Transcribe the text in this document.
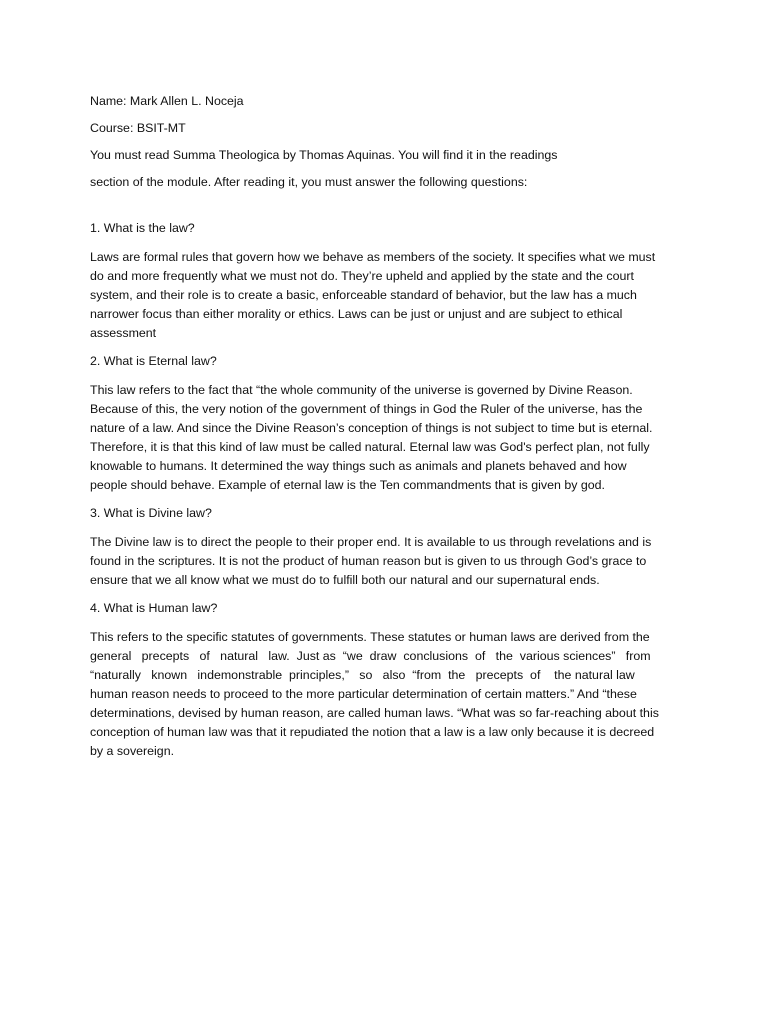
Name: Mark Allen L. Noceja
Course: BSIT-MT
You must read Summa Theologica by Thomas Aquinas. You will find it in the readings
section of the module. After reading it, you must answer the following questions:
1. What is the law?
Laws are formal rules that govern how we behave as members of the society. It specifies what we must
do and more frequently what we must not do. They’re upheld and applied by the state and the court
system, and their role is to create a basic, enforceable standard of behavior, but the law has a much
narrower focus than either morality or ethics. Laws can be just or unjust and are subject to ethical
assessment
2. What is Eternal law?
This law refers to the fact that “the whole community of the universe is governed by Divine Reason.
Because of this, the very notion of the government of things in God the Ruler of the universe, has the
nature of a law. And since the Divine Reason’s conception of things is not subject to time but is eternal.
Therefore, it is that this kind of law must be called natural. Eternal law was God's perfect plan, not fully
knowable to humans. It determined the way things such as animals and planets behaved and how
people should behave. Example of eternal law is the Ten commandments that is given by god.
3. What is Divine law?
The Divine law is to direct the people to their proper end. It is available to us through revelations and is
found in the scriptures. It is not the product of human reason but is given to us through God’s grace to
ensure that we all know what we must do to fulfill both our natural and our supernatural ends.
4. What is Human law?
This refers to the specific statutes of governments. These statutes or human laws are derived from the
general   precepts   of   natural   law.  Just as  “we  draw  conclusions  of   the  various sciences”   from
“naturally   known   indemonstrable  principles,”   so   also  “from  the   precepts  of    the natural law
human reason needs to proceed to the more particular determination of certain matters.” And “these
determinations, devised by human reason, are called human laws. “What was so far-reaching about this
conception of human law was that it repudiated the notion that a law is a law only because it is decreed
by a sovereign.
